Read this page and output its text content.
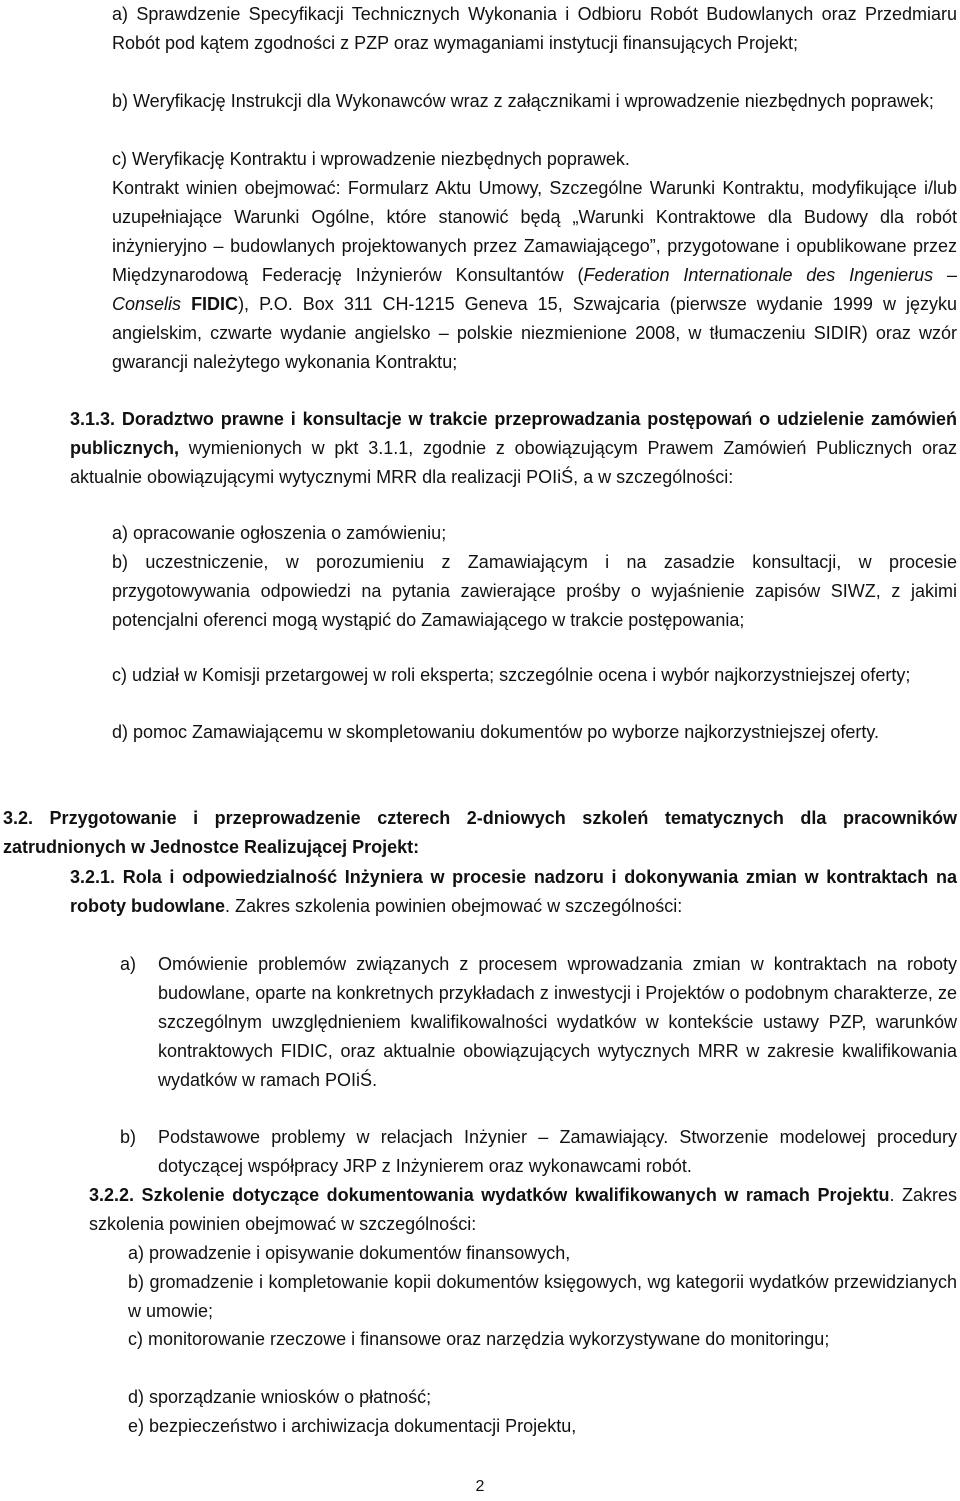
a) Sprawdzenie Specyfikacji Technicznych Wykonania i Odbioru Robót Budowlanych oraz Przedmiaru Robót pod kątem zgodności z PZP oraz wymaganiami instytucji finansujących Projekt;

b) Weryfikację Instrukcji dla Wykonawców wraz z załącznikami i wprowadzenie niezbędnych poprawek;

c) Weryfikację Kontraktu i wprowadzenie niezbędnych poprawek.

Kontrakt winien obejmować: Formularz Aktu Umowy, Szczególne Warunki Kontraktu, modyfikujące i/lub uzupełniające Warunki Ogólne, które stanowić będą „Warunki Kontraktowe dla Budowy dla robót inżynieryjno – budowlanych projektowanych przez Zamawiającego”, przygotowane i opublikowane przez Międzynarodową Federację Inżynierów Konsultantów (Federation Internationale des Ingenierus – Conselis FIDIC), P.O. Box 311 CH-1215 Geneva 15, Szwajcaria (pierwsze wydanie 1999 w języku angielskim, czwarte wydanie angielsko – polskie niezmienione 2008, w tłumaczeniu SIDIR) oraz wzór gwarancji należytego wykonania Kontraktu;

3.1.3. Doradztwo prawne i konsultacje w trakcie przeprowadzania postępowań o udzielenie zamówień publicznych, wymienionych w pkt 3.1.1, zgodnie z obowiązującym Prawem Zamówień Publicznych oraz aktualnie obowiązującymi wytycznymi MRR dla realizacji POIiŚ, a w szczególności:

a) opracowanie ogłoszenia o zamówieniu;

b) uczestniczenie, w porozumieniu z Zamawiającym i na zasadzie konsultacji, w procesie przygotowywania odpowiedzi na pytania zawierające prośby o wyjaśnienie zapisów SIWZ, z jakimi potencjalni oferenci mogą wystąpić do Zamawiającego w trakcie postępowania;

c) udział w Komisji przetargowej w roli eksperta; szczególnie ocena i wybór najkorzystniejszej oferty;

d) pomoc Zamawiającemu w skompletowaniu dokumentów po wyborze najkorzystniejszej oferty.

3.2. Przygotowanie i przeprowadzenie czterech 2-dniowych szkoleń tematycznych dla pracowników zatrudnionych w Jednostce Realizującej Projekt:

3.2.1. Rola i odpowiedzialność Inżyniera w procesie nadzoru i dokonywania zmian w kontraktach na roboty budowlane. Zakres szkolenia powinien obejmować w szczególności:

a) Omówienie problemów związanych z procesem wprowadzania zmian w kontraktach na roboty budowlane, oparte na konkretnych przykładach z inwestycji i Projektów o podobnym charakterze, ze szczególnym uwzględnieniem kwalifikowalności wydatków w kontekście ustawy PZP, warunków kontraktowych FIDIC, oraz aktualnie obowiązujących wytycznych MRR w zakresie kwalifikowania wydatków w ramach POIiŚ.

b) Podstawowe problemy w relacjach Inżynier – Zamawiający. Stworzenie modelowej procedury dotyczącej współpracy JRP z Inżynierem oraz wykonawcami robót.

3.2.2. Szkolenie dotyczące dokumentowania wydatków kwalifikowanych w ramach Projektu. Zakres szkolenia powinien obejmować w szczególności:

a) prowadzenie i opisywanie dokumentów finansowych,

b) gromadzenie i kompletowanie kopii dokumentów księgowych, wg kategorii wydatków przewidzianych w umowie;

c) monitorowanie rzeczowe i finansowe oraz narzędzia wykorzystywane do monitoringu;

d) sporządzanie wniosków o płatność;

e) bezpieczeństwo i archiwizacja dokumentacji Projektu,

2
